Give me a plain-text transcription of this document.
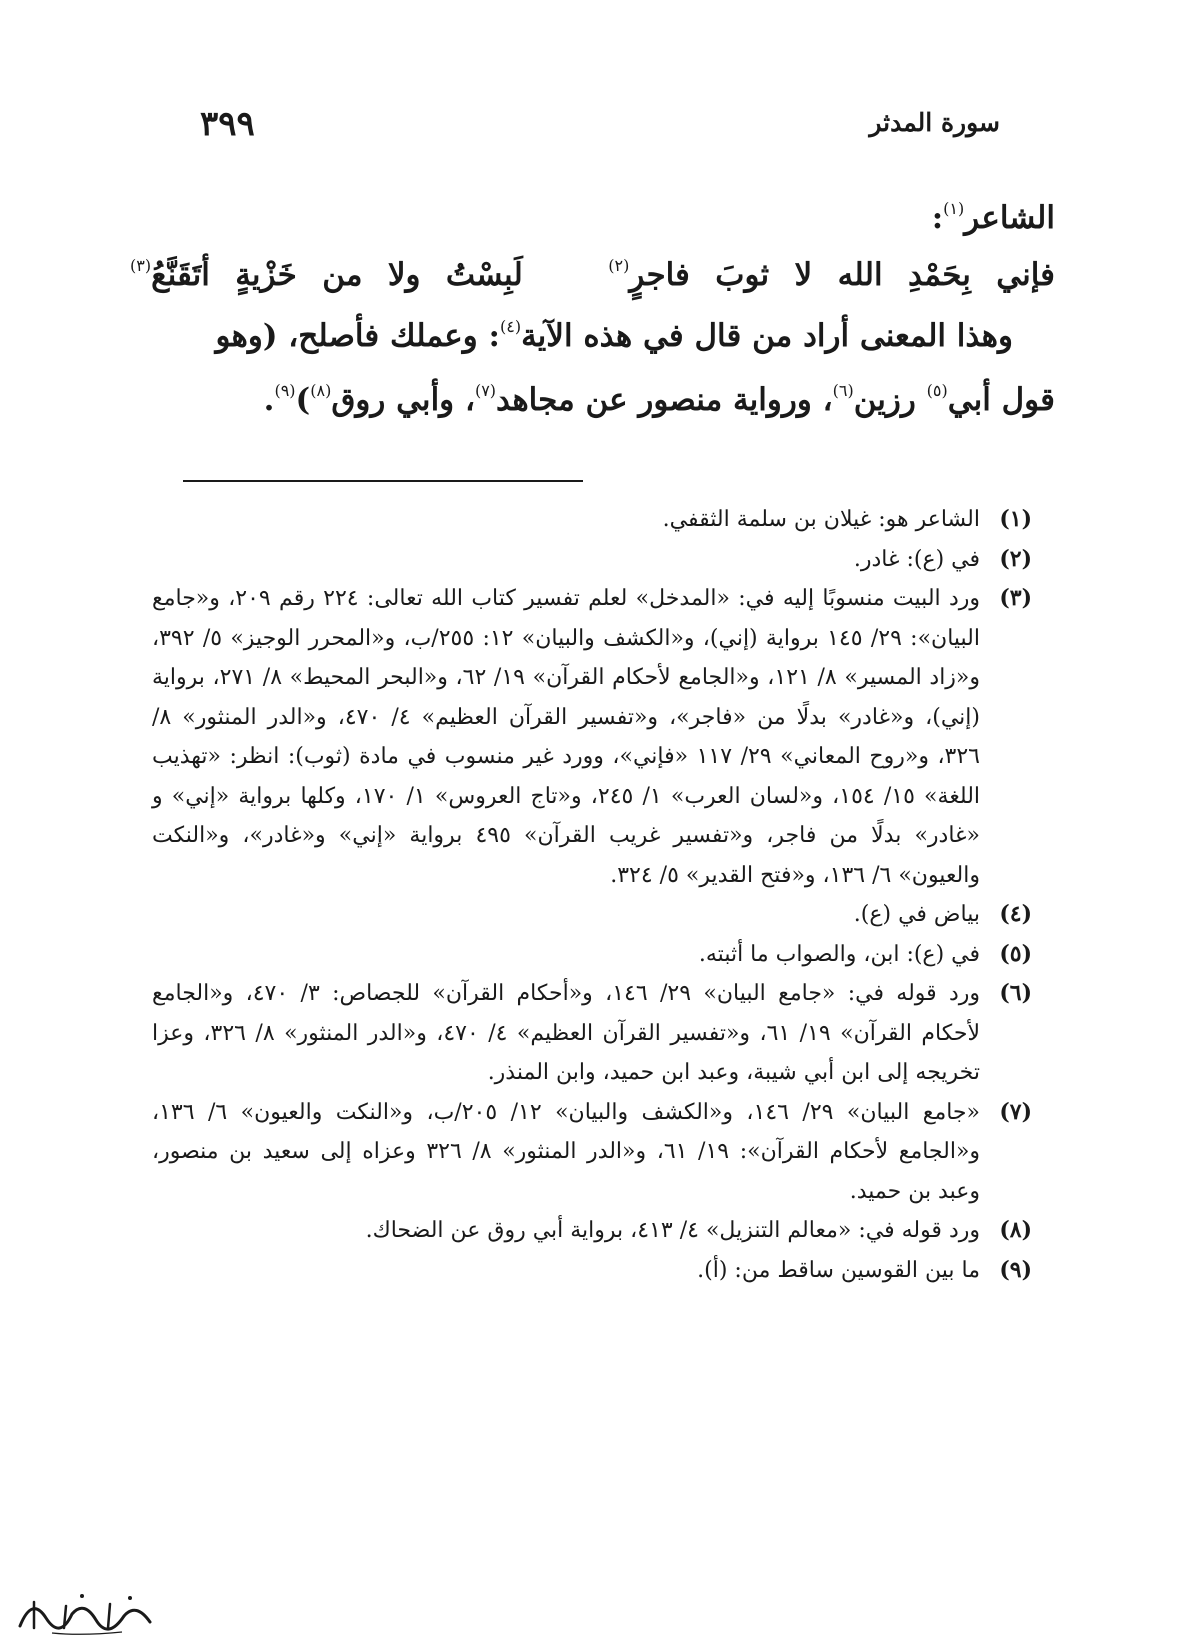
سورة المدثر
٣٩٩
الشاعر$^{(١)}$:
فإني بِحَمْدِ الله لا ثوبَ فاجرٍ$^{(٢)}$ لَبِسْتُ ولا من خَزْيةٍ أتَقَنَّعُ$^{(٣)}$
وهذا المعنى أراد من قال في هذه الآية$^{(٤)}$: وعملك فأصلح، (وهو
قول أبي$^{(٥)}$ رزين$^{(٦)}$، ورواية منصور عن مجاهد$^{(٧)}$، وأبي روق$^{(٨)}$)$^{(٩)}$.
(١)
الشاعر هو: غيلان بن سلمة الثقفي.
(٢)
في (ع): غادر.
(٣)
ورد البيت منسوبًا إليه في: «المدخل» لعلم تفسير كتاب الله تعالى: ٢٢٤ رقم ٢٠٩، و«جامع البيان»: ٢٩/ ١٤٥ برواية (إني)، و«الكشف والبيان» ١٢: ٢٥٥/ب، و«المحرر الوجيز» ٥/ ٣٩٢، و«زاد المسير» ٨/ ١٢١، و«الجامع لأحكام القرآن» ١٩/ ٦٢، و«البحر المحيط» ٨/ ٢٧١، برواية (إني)، و«غادر» بدلًا من «فاجر»، و«تفسير القرآن العظيم» ٤/ ٤٧٠، و«الدر المنثور» ٨/ ٣٢٦، و«روح المعاني» ٢٩/ ١١٧ «فإني»، وورد غير منسوب في مادة (ثوب): انظر: «تهذيب اللغة» ١٥/ ١٥٤، و«لسان العرب» ١/ ٢٤٥، و«تاج العروس» ١/ ١٧٠، وكلها برواية «إني» و «غادر» بدلًا من فاجر، و«تفسير غريب القرآن» ٤٩٥ برواية «إني» و«غادر»، و«النكت والعيون» ٦/ ١٣٦، و«فتح القدير» ٥/ ٣٢٤.
(٤)
بياض في (ع).
(٥)
في (ع): ابن، والصواب ما أثبته.
(٦)
ورد قوله في: «جامع البيان» ٢٩/ ١٤٦، و«أحكام القرآن» للجصاص: ٣/ ٤٧٠، و«الجامع لأحكام القرآن» ١٩/ ٦١، و«تفسير القرآن العظيم» ٤/ ٤٧٠، و«الدر المنثور» ٨/ ٣٢٦، وعزا تخريجه إلى ابن أبي شيبة، وعبد ابن حميد، وابن المنذر.
(٧)
«جامع البيان» ٢٩/ ١٤٦، و«الكشف والبيان» ١٢/ ٢٠٥/ب، و«النكت والعيون» ٦/ ١٣٦، و«الجامع لأحكام القرآن»: ١٩/ ٦١، و«الدر المنثور» ٨/ ٣٢٦ وعزاه إلى سعيد بن منصور، وعبد بن حميد.
(٨)
ورد قوله في: «معالم التنزيل» ٤/ ٤١٣، برواية أبي روق عن الضحاك.
(٩)
ما بين القوسين ساقط من: (أ).
